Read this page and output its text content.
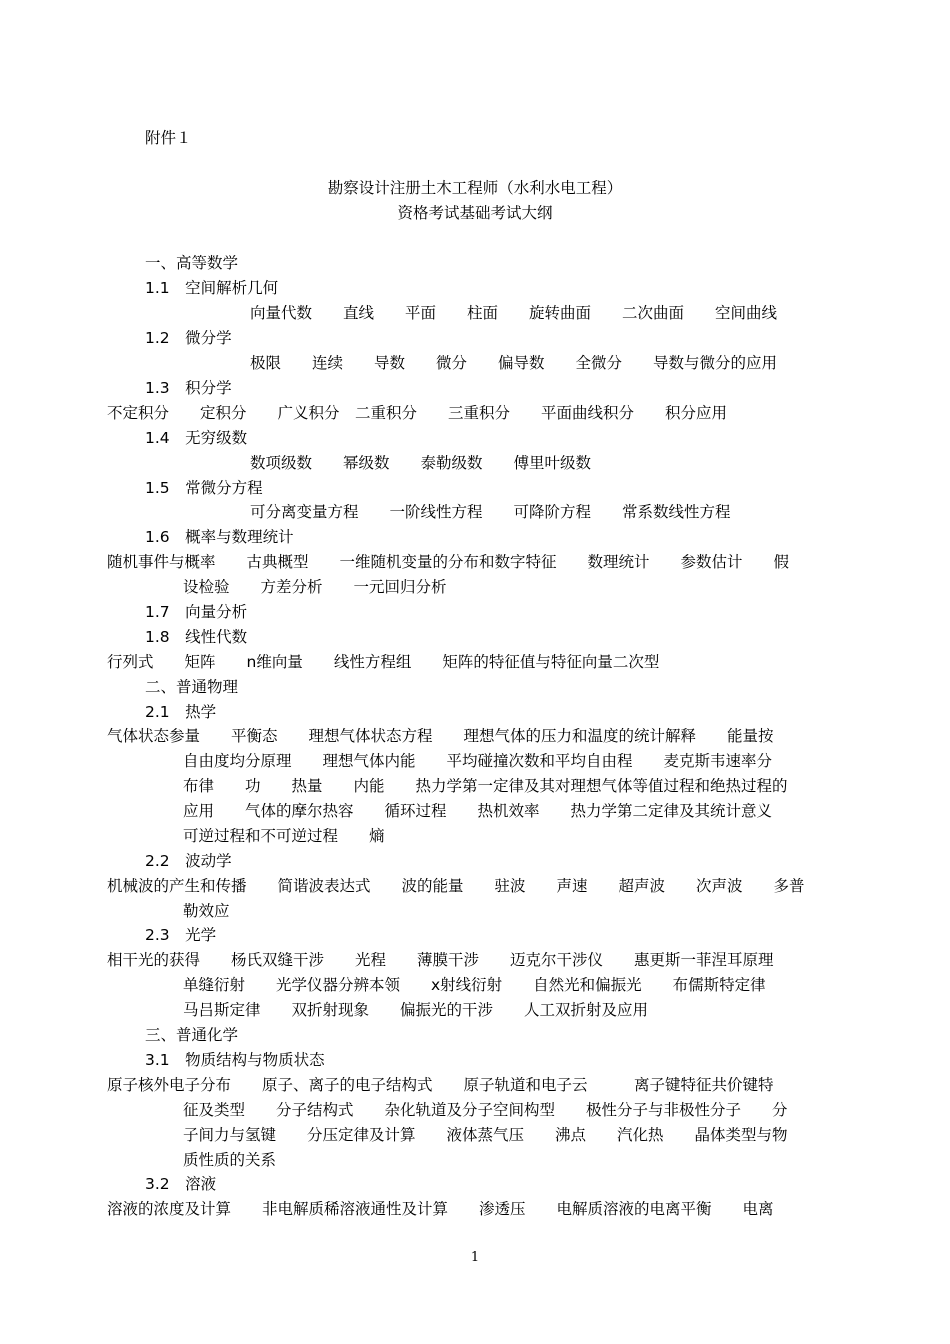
附件１
勘察设计注册土木工程师（水利水电工程）
资格考试基础考试大纲
一、高等数学
1.1　空间解析几何
向量代数　　直线　　平面　　柱面　　旋转曲面　　二次曲面　　空间曲线
1.2　微分学
极限　　连续　　导数　　微分　　偏导数　　全微分　　导数与微分的应用
1.3　积分学
不定积分　　定积分　　广义积分　二重积分　　三重积分　　平面曲线积分　　积分应用
1.4　无穷级数
数项级数　　幂级数　　泰勒级数　　傅里叶级数
1.5　常微分方程
可分离变量方程　　一阶线性方程　　可降阶方程　　常系数线性方程
1.6　概率与数理统计
随机事件与概率　　古典概型　　一维随机变量的分布和数字特征　　数理统计　　参数估计　　假
设检验　　方差分析　　一元回归分析
1.7　向量分析
1.8　线性代数
行列式　　矩阵　　n维向量　　线性方程组　　矩阵的特征值与特征向量二次型
二、普通物理
2.1　热学
气体状态参量　　平衡态　　理想气体状态方程　　理想气体的压力和温度的统计解释　　能量按
自由度均分原理　　理想气体内能　　平均碰撞次数和平均自由程　　麦克斯韦速率分
布律　　功　　热量　　内能　　热力学第一定律及其对理想气体等值过程和绝热过程的
应用　　气体的摩尔热容　　循环过程　　热机效率　　热力学第二定律及其统计意义
可逆过程和不可逆过程　　熵
2.2　波动学
机械波的产生和传播　　简谐波表达式　　波的能量　　驻波　　声速　　超声波　　次声波　　多普
勒效应
2.3　光学
相干光的获得　　杨氏双缝干涉　　光程　　薄膜干涉　　迈克尔干涉仪　　惠更斯一菲涅耳原理
单缝衍射　　光学仪器分辨本领　　x射线衍射　　自然光和偏振光　　布儒斯特定律
马吕斯定律　　双折射现象　　偏振光的干涉　　人工双折射及应用
三、普通化学
3.1　物质结构与物质状态
原子核外电子分布　　原子、离子的电子结构式　　原子轨道和电子云　　　离子键特征共价键特
征及类型　　分子结构式　　杂化轨道及分子空间构型　　极性分子与非极性分子　　分
子间力与氢键　　分压定律及计算　　液体蒸气压　　沸点　　汽化热　　晶体类型与物
质性质的关系
3.2　溶液
溶液的浓度及计算　　非电解质稀溶液通性及计算　　渗透压　　电解质溶液的电离平衡　　电离
1
